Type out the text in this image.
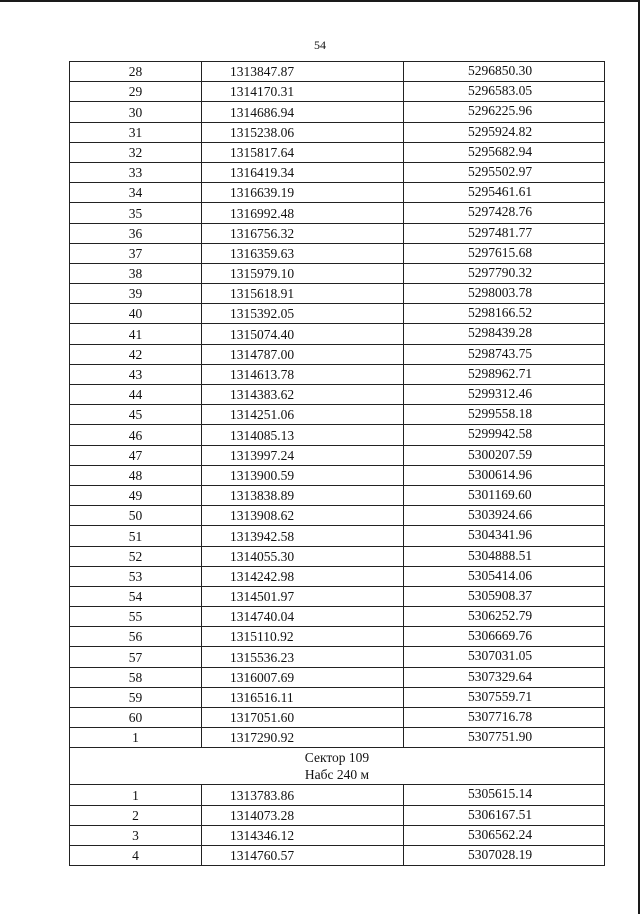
54
28	1313847.87	5296850.30
29	1314170.31	5296583.05
30	1314686.94	5296225.96
31	1315238.06	5295924.82
32	1315817.64	5295682.94
33	1316419.34	5295502.97
34	1316639.19	5295461.61
35	1316992.48	5297428.76
36	1316756.32	5297481.77
37	1316359.63	5297615.68
38	1315979.10	5297790.32
39	1315618.91	5298003.78
40	1315392.05	5298166.52
41	1315074.40	5298439.28
42	1314787.00	5298743.75
43	1314613.78	5298962.71
44	1314383.62	5299312.46
45	1314251.06	5299558.18
46	1314085.13	5299942.58
47	1313997.24	5300207.59
48	1313900.59	5300614.96
49	1313838.89	5301169.60
50	1313908.62	5303924.66
51	1313942.58	5304341.96
52	1314055.30	5304888.51
53	1314242.98	5305414.06
54	1314501.97	5305908.37
55	1314740.04	5306252.79
56	1315110.92	5306669.76
57	1315536.23	5307031.05
58	1316007.69	5307329.64
59	1316516.11	5307559.71
60	1317051.60	5307716.78
1	1317290.92	5307751.90

Сектор 109
Набс 240 м		

1	1313783.86	5305615.14
2	1314073.28	5306167.51
3	1314346.12	5306562.24
4	1314760.57	5307028.19
